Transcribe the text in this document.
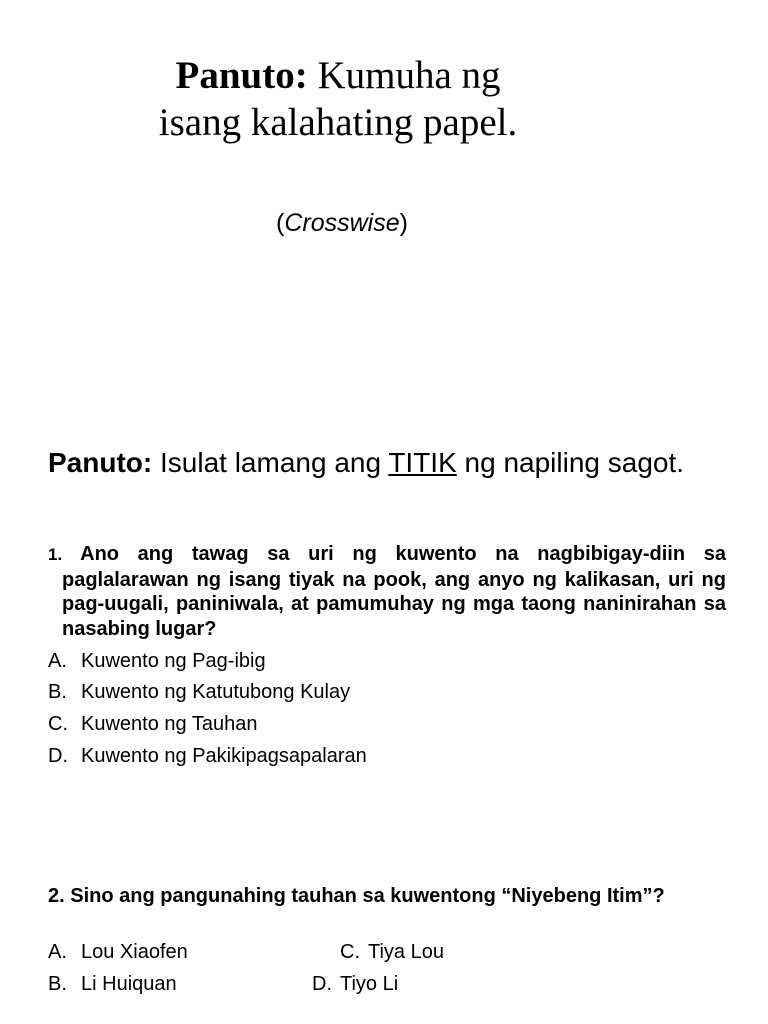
Panuto: Kumuha ng
isang kalahating papel.
(Crosswise)
Panuto: Isulat lamang ang TITIK ng napiling sagot.
1. Ano ang tawag sa uri ng kuwento na nagbibigay-diin sa paglalarawan ng isang tiyak na pook, ang anyo ng kalikasan, uri ng pag-uugali, paniniwala, at pamumuhay ng mga taong naninirahan sa nasabing lugar?
A. Kuwento ng Pag-ibig
B. Kuwento ng Katutubong Kulay
C. Kuwento ng Tauhan
D. Kuwento ng Pakikipagsapalaran
2. Sino ang pangunahing tauhan sa kuwentong “Niyebeng Itim”?
A. Lou Xiaofen	C. Tiya Lou
B. Li Huiquan	D. Tiyo Li
